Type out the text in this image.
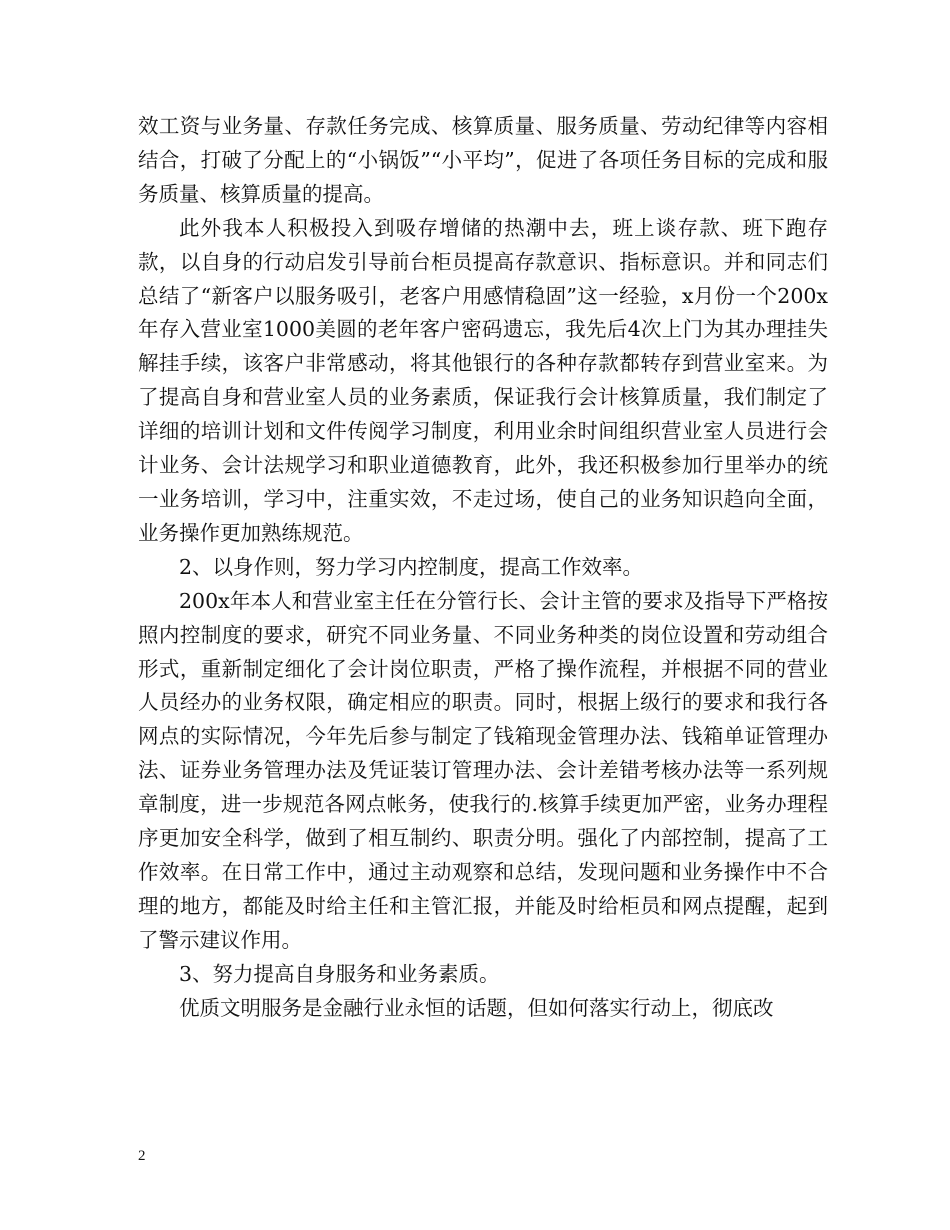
效工资与业务量、存款任务完成、核算质量、服务质量、劳动纪律等内容相结合，打破了分配上的“小锅饭”“小平均”，促进了各项任务目标的完成和服务质量、核算质量的提高。

此外我本人积极投入到吸存增储的热潮中去，班上谈存款、班下跑存款，以自身的行动启发引导前台柜员提高存款意识、指标意识。并和同志们总结了“新客户以服务吸引，老客户用感情稳固”这一经验，x月份一个200x年存入营业室1000美圆的老年客户密码遗忘，我先后4次上门为其办理挂失解挂手续，该客户非常感动，将其他银行的各种存款都转存到营业室来。为了提高自身和营业室人员的业务素质，保证我行会计核算质量，我们制定了详细的培训计划和文件传阅学习制度，利用业余时间组织营业室人员进行会计业务、会计法规学习和职业道德教育，此外，我还积极参加行里举办的统一业务培训，学习中，注重实效，不走过场，使自己的业务知识趋向全面，业务操作更加熟练规范。

2、以身作则，努力学习内控制度，提高工作效率。

200x年本人和营业室主任在分管行长、会计主管的要求及指导下严格按照内控制度的要求，研究不同业务量、不同业务种类的岗位设置和劳动组合形式，重新制定细化了会计岗位职责，严格了操作流程，并根据不同的营业人员经办的业务权限，确定相应的职责。同时，根据上级行的要求和我行各网点的实际情况，今年先后参与制定了钱箱现金管理办法、钱箱单证管理办法、证券业务管理办法及凭证装订管理办法、会计差错考核办法等一系列规章制度，进一步规范各网点帐务，使我行的.核算手续更加严密，业务办理程序更加安全科学，做到了相互制约、职责分明。强化了内部控制，提高了工作效率。在日常工作中，通过主动观察和总结，发现问题和业务操作中不合理的地方，都能及时给主任和主管汇报，并能及时给柜员和网点提醒，起到了警示建议作用。

3、努力提高自身服务和业务素质。

优质文明服务是金融行业永恒的话题，但如何落实行动上，彻底改

2
